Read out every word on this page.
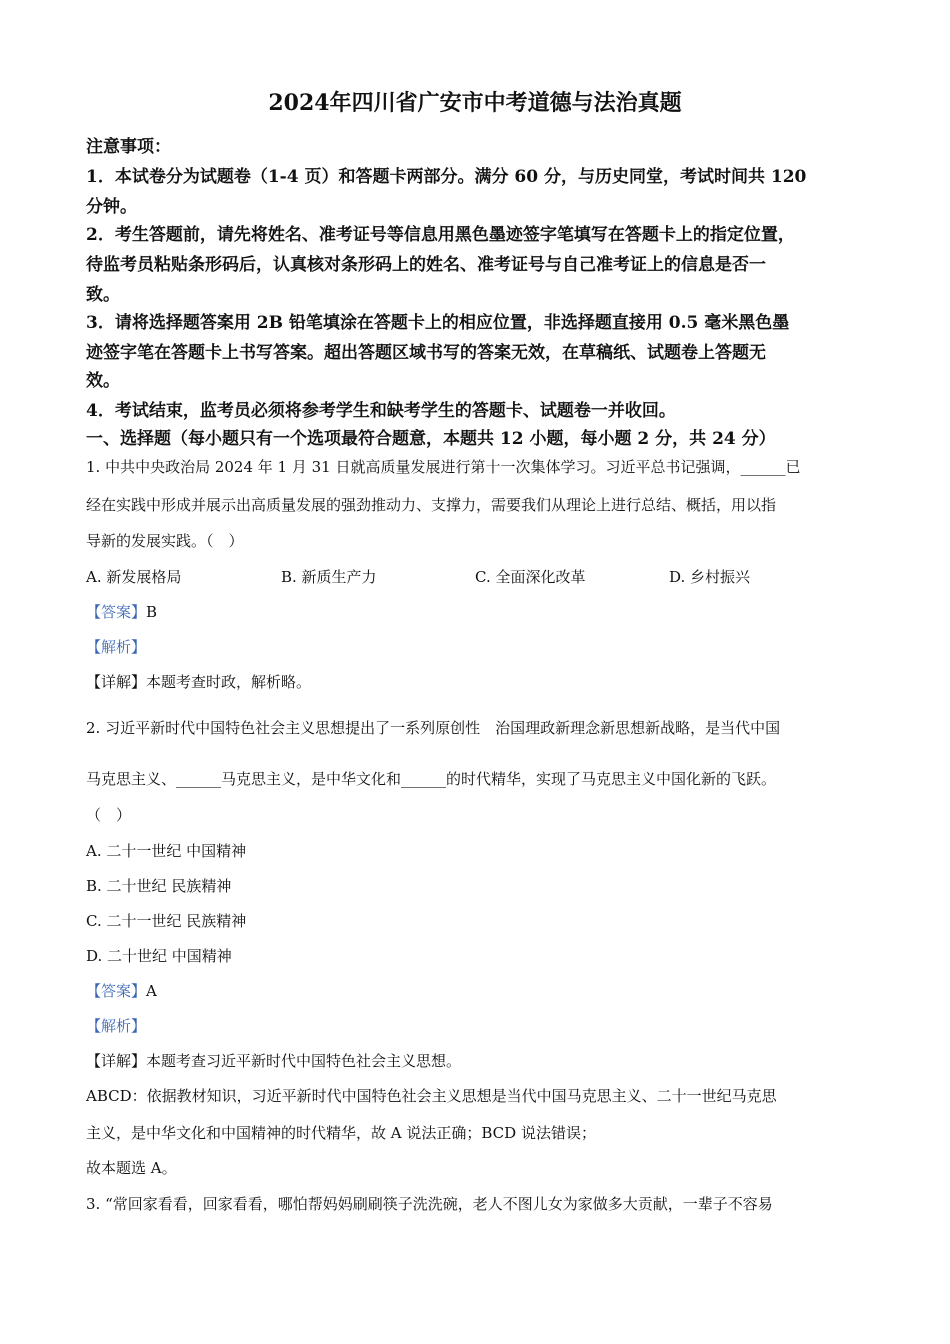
2024年四川省广安市中考道德与法治真题
注意事项：
1．本试卷分为试题卷（1-4 页）和答题卡两部分。满分 60 分，与历史同堂，考试时间共 120
分钟。
2．考生答题前，请先将姓名、准考证号等信息用黑色墨迹签字笔填写在答题卡上的指定位置，
待监考员粘贴条形码后，认真核对条形码上的姓名、准考证号与自己准考证上的信息是否一
致。
3．请将选择题答案用 2B 铅笔填涂在答题卡上的相应位置，非选择题直接用 0.5 毫米黑色墨
迹签字笔在答题卡上书写答案。超出答题区域书写的答案无效，在草稿纸、试题卷上答题无
效。
4．考试结束，监考员必须将参考学生和缺考学生的答题卡、试题卷一并收回。
一、选择题（每小题只有一个选项最符合题意，本题共 12 小题，每小题 2 分，共 24 分）
1. 中共中央政治局 2024 年 1 月 31 日就高质量发展进行第十一次集体学习。习近平总书记强调，______已
经在实践中形成并展示出高质量发展的强劲推动力、支撑力，需要我们从理论上进行总结、概括，用以指
导新的发展实践。（　）
A. 新发展格局	B. 新质生产力	C. 全面深化改革	D. 乡村振兴
【答案】B
【解析】
【详解】本题考查时政，解析略。
2. 习近平新时代中国特色社会主义思想提出了一系列原创性　治国理政新理念新思想新战略，是当代中国
马克思主义、______马克思主义，是中华文化和______的时代精华，实现了马克思主义中国化新的飞跃。
（　）
A. 二十一世纪 中国精神
B. 二十世纪 民族精神
C. 二十一世纪 民族精神
D. 二十世纪 中国精神
【答案】A
【解析】
【详解】本题考查习近平新时代中国特色社会主义思想。
ABCD：依据教材知识，习近平新时代中国特色社会主义思想是当代中国马克思主义、二十一世纪马克思
主义，是中华文化和中国精神的时代精华，故 A 说法正确；BCD 说法错误；
故本题选 A。
3. “常回家看看，回家看看，哪怕帮妈妈刷刷筷子洗洗碗，老人不图儿女为家做多大贡献，一辈子不容易
